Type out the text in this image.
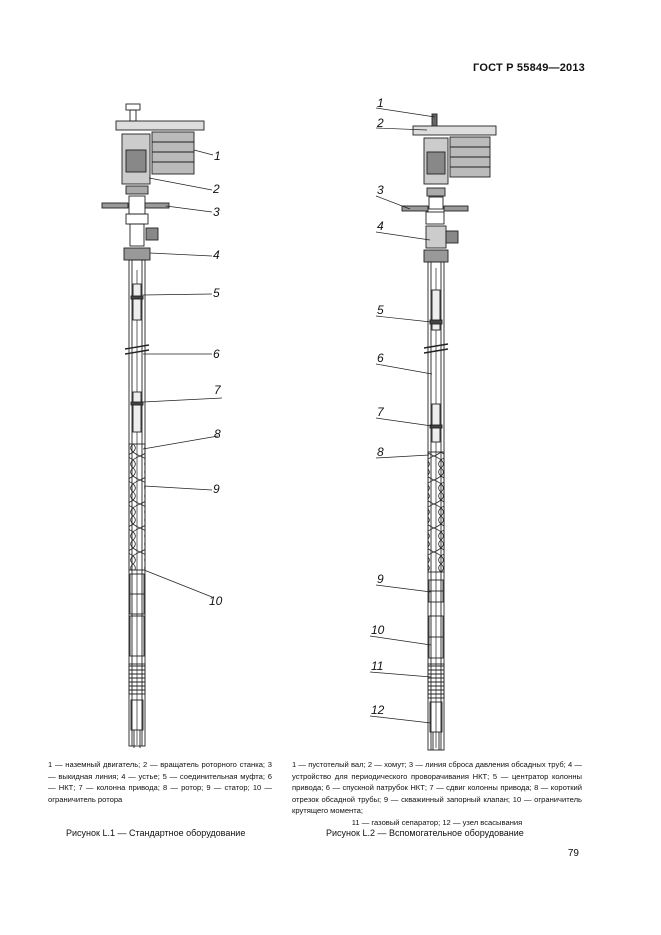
ГОСТ Р 55849—2013
1
2
3
4
5
6
7
8
9
10
1
2
3
4
5
6
7
8
9
10
11
12
1 — наземный двигатель; 2 — вращатель роторного станка; 3 — выкидная линия; 4 — устье; 5 — соединительная муфта; 6 — НКТ; 7 — колонна привода; 8 — ротор; 9 — статор; 10 — ограничитель ротора
1 — пустотелый вал; 2 — хомут; 3 — линия сброса давления обсадных труб; 4 — устройство для периодического проворачивания НКТ; 5 — центратор колонны привода; 6 — спускной патрубок НКТ; 7 — сдвиг колонны привода; 8 — короткий отрезок обсадной трубы; 9 — скважинный запорный клапан; 10 — ограничитель крутящего момента;
11 — газовый сепаратор; 12 — узел всасывания
Рисунок L.1 — Стандартное оборудование	Рисунок L.2 — Вспомогательное оборудование
79
